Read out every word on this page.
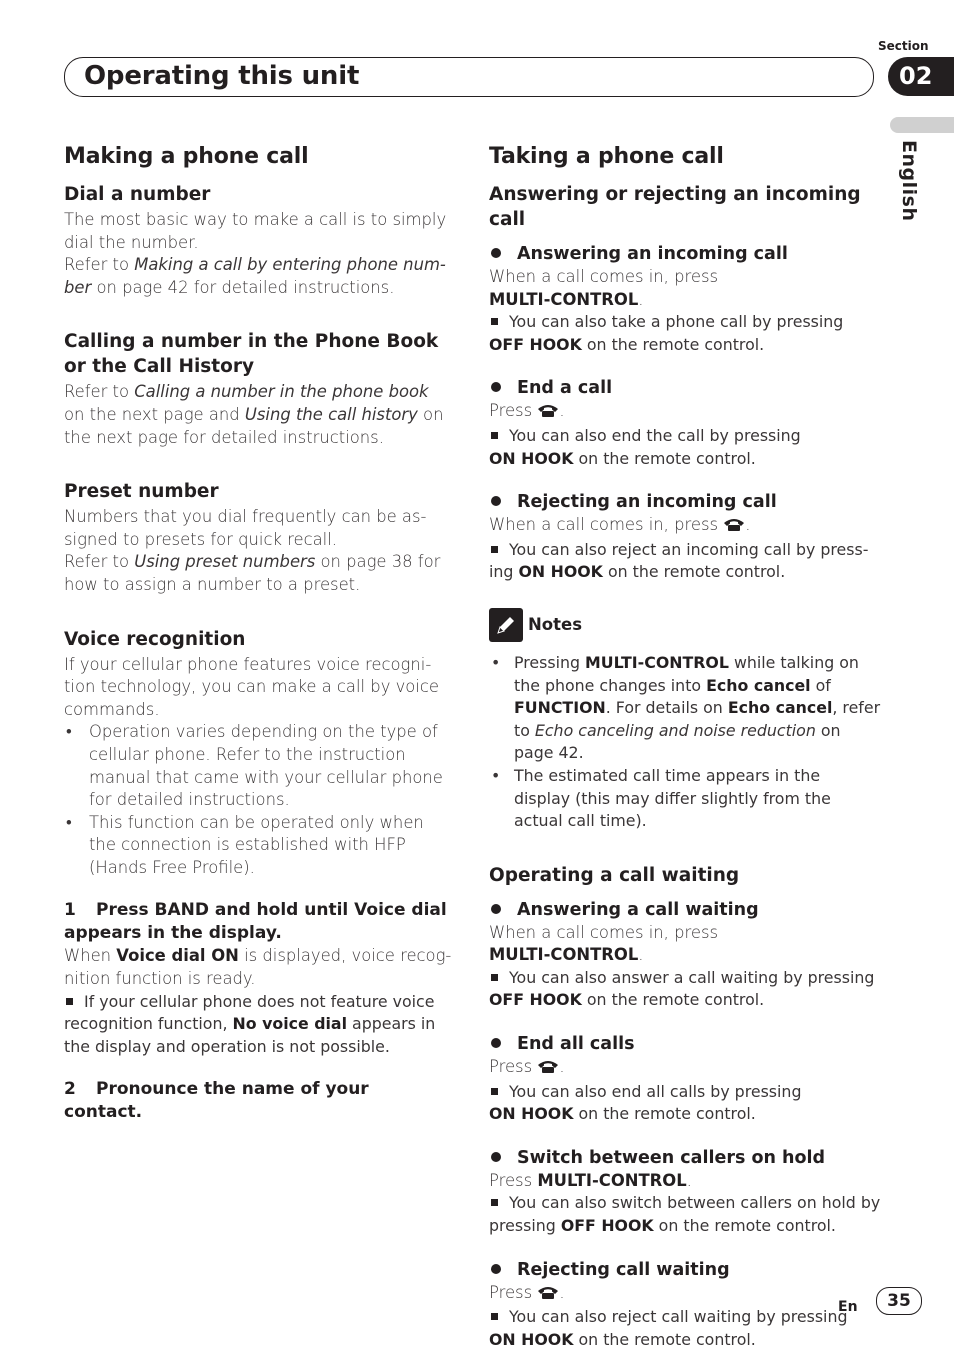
Section
Operating this unit	02
English

Making a phone call

Dial a number

The most basic way to make a call is to simply dial the number.

Refer to Making a call by entering phone num-ber on page 42 for detailed instructions.

Calling a number in the Phone Book or the Call History

Refer to Calling a number in the phone book on the next page and Using the call history on the next page for detailed instructions.

Preset number

Numbers that you dial frequently can be as-signed to presets for quick recall.

Refer to Using preset numbers on page 38 for how to assign a number to a preset.

Voice recognition

If your cellular phone features voice recogni-tion technology, you can make a call by voice commands.

• Operation varies depending on the type of cellular phone. Refer to the instruction manual that came with your cellular phone for detailed instructions.
• This function can be operated only when the connection is established with HFP (Hands Free Profile).

1 Press BAND and hold until Voice dial appears in the display.

When Voice dial ON is displayed, voice recog-nition function is ready.

If your cellular phone does not feature voice recognition function, No voice dial appears in the display and operation is not possible.

2 Pronounce the name of your contact.

Taking a phone call

Answering or rejecting an incoming call

Answering an incoming call

When a call comes in, press

MULTI-CONTROL.

You can also take a phone call by pressing
OFF HOOK on the remote control.

End a call

Press .

You can also end the call by pressing
ON HOOK on the remote control.

Rejecting an incoming call

When a call comes in, press .

You can also reject an incoming call by press-ing ON HOOK on the remote control.

Notes
• Pressing MULTI-CONTROL while talking on the phone changes into Echo cancel of FUNCTION. For details on Echo cancel, refer to Echo canceling and noise reduction on page 42.
• The estimated call time appears in the display (this may differ slightly from the actual call time).

Operating a call waiting

Answering a call waiting

When a call comes in, press

MULTI-CONTROL.

You can also answer a call waiting by pressing
OFF HOOK on the remote control.

End all calls

Press .

You can also end all calls by pressing
ON HOOK on the remote control.

Switch between callers on hold

Press MULTI-CONTROL.

You can also switch between callers on hold by pressing OFF HOOK on the remote control.

Rejecting call waiting

Press .

You can also reject call waiting by pressing
ON HOOK on the remote control.

En	35
